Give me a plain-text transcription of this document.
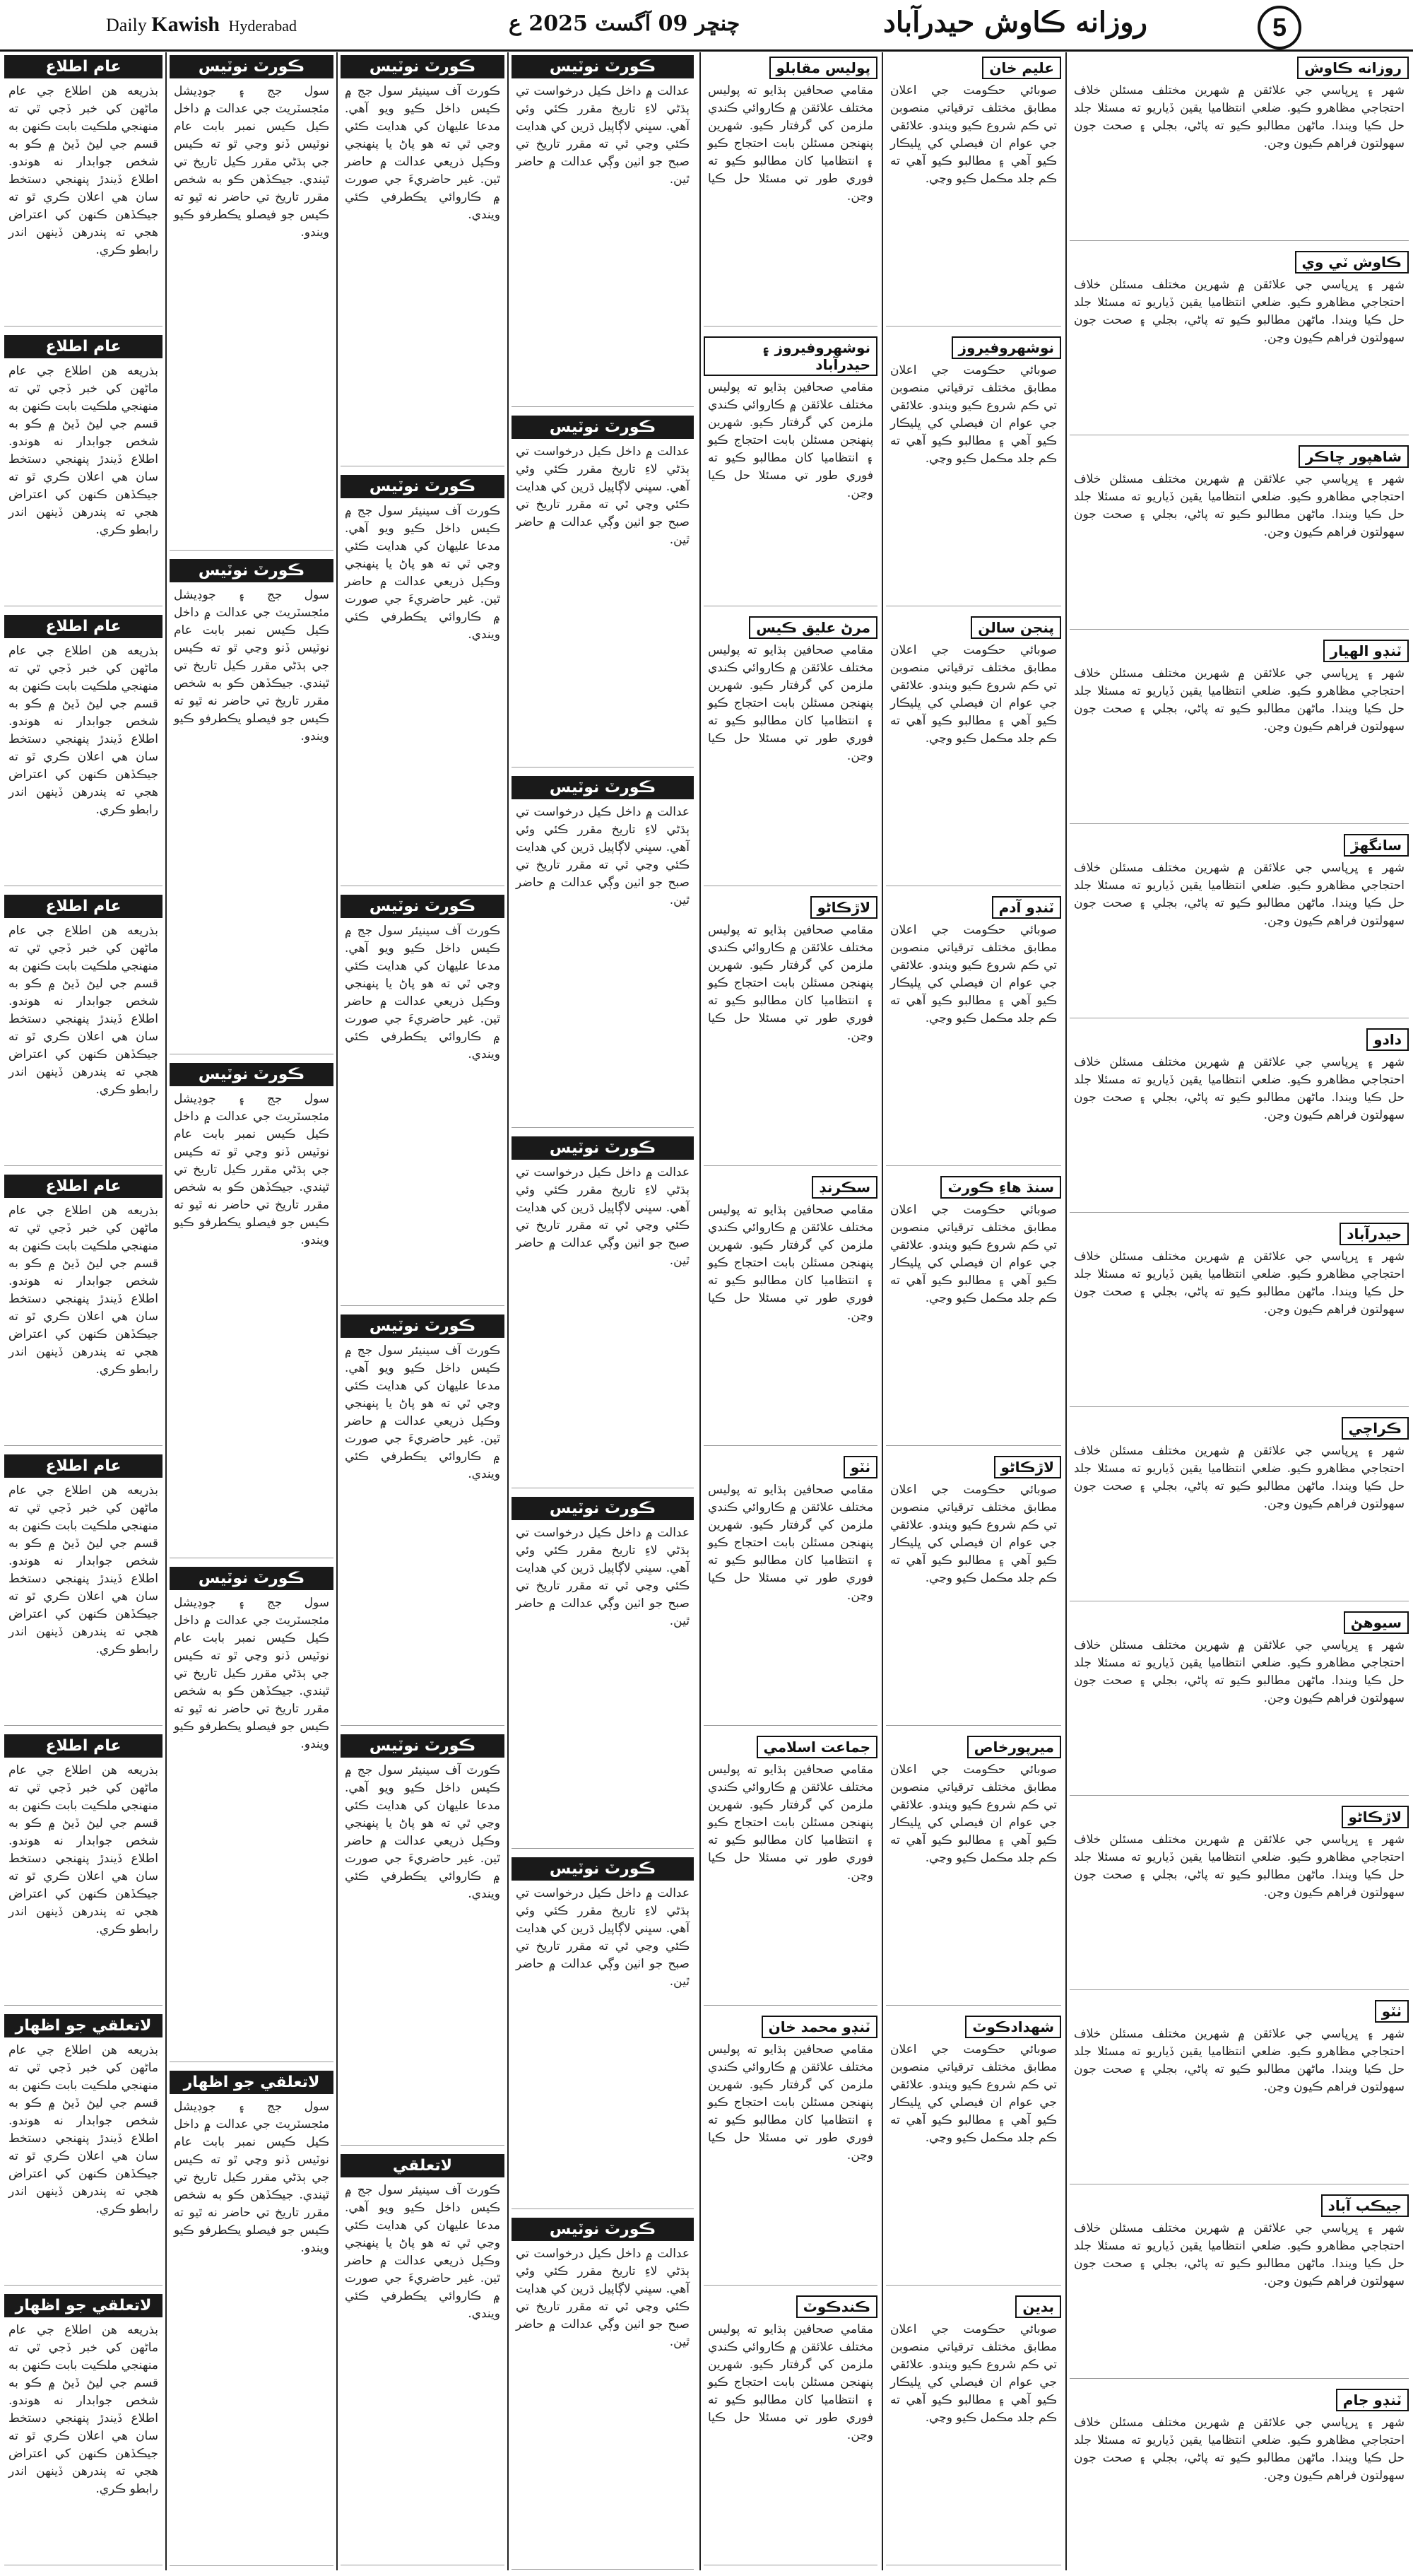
Daily Kawish Hyderabad	چنڇر 09 آگسٽ 2025 ع	روزانه ڪاوش حيدرآباد	5
عام اطلاع
بذريعه هن اطلاع جي عام ماڻهن کي خبر ڏجي ٿي ته منهنجي ملڪيت بابت ڪنهن به قسم جي ليڻ ڏيڻ ۾ ڪو به شخص جوابدار نه هوندو. اطلاع ڏيندڙ پنهنجي دستخط سان هي اعلان ڪري ٿو ته جيڪڏهن ڪنهن کي اعتراض هجي ته پندرهن ڏينهن اندر رابطو ڪري.
عام اطلاع
بذريعه هن اطلاع جي عام ماڻهن کي خبر ڏجي ٿي ته منهنجي ملڪيت بابت ڪنهن به قسم جي ليڻ ڏيڻ ۾ ڪو به شخص جوابدار نه هوندو. اطلاع ڏيندڙ پنهنجي دستخط سان هي اعلان ڪري ٿو ته جيڪڏهن ڪنهن کي اعتراض هجي ته پندرهن ڏينهن اندر رابطو ڪري.
عام اطلاع
بذريعه هن اطلاع جي عام ماڻهن کي خبر ڏجي ٿي ته منهنجي ملڪيت بابت ڪنهن به قسم جي ليڻ ڏيڻ ۾ ڪو به شخص جوابدار نه هوندو. اطلاع ڏيندڙ پنهنجي دستخط سان هي اعلان ڪري ٿو ته جيڪڏهن ڪنهن کي اعتراض هجي ته پندرهن ڏينهن اندر رابطو ڪري.
عام اطلاع
بذريعه هن اطلاع جي عام ماڻهن کي خبر ڏجي ٿي ته منهنجي ملڪيت بابت ڪنهن به قسم جي ليڻ ڏيڻ ۾ ڪو به شخص جوابدار نه هوندو. اطلاع ڏيندڙ پنهنجي دستخط سان هي اعلان ڪري ٿو ته جيڪڏهن ڪنهن کي اعتراض هجي ته پندرهن ڏينهن اندر رابطو ڪري.
عام اطلاع
بذريعه هن اطلاع جي عام ماڻهن کي خبر ڏجي ٿي ته منهنجي ملڪيت بابت ڪنهن به قسم جي ليڻ ڏيڻ ۾ ڪو به شخص جوابدار نه هوندو. اطلاع ڏيندڙ پنهنجي دستخط سان هي اعلان ڪري ٿو ته جيڪڏهن ڪنهن کي اعتراض هجي ته پندرهن ڏينهن اندر رابطو ڪري.
عام اطلاع
بذريعه هن اطلاع جي عام ماڻهن کي خبر ڏجي ٿي ته منهنجي ملڪيت بابت ڪنهن به قسم جي ليڻ ڏيڻ ۾ ڪو به شخص جوابدار نه هوندو. اطلاع ڏيندڙ پنهنجي دستخط سان هي اعلان ڪري ٿو ته جيڪڏهن ڪنهن کي اعتراض هجي ته پندرهن ڏينهن اندر رابطو ڪري.
عام اطلاع
بذريعه هن اطلاع جي عام ماڻهن کي خبر ڏجي ٿي ته منهنجي ملڪيت بابت ڪنهن به قسم جي ليڻ ڏيڻ ۾ ڪو به شخص جوابدار نه هوندو. اطلاع ڏيندڙ پنهنجي دستخط سان هي اعلان ڪري ٿو ته جيڪڏهن ڪنهن کي اعتراض هجي ته پندرهن ڏينهن اندر رابطو ڪري.
لاتعلقي جو اظهار
بذريعه هن اطلاع جي عام ماڻهن کي خبر ڏجي ٿي ته منهنجي ملڪيت بابت ڪنهن به قسم جي ليڻ ڏيڻ ۾ ڪو به شخص جوابدار نه هوندو. اطلاع ڏيندڙ پنهنجي دستخط سان هي اعلان ڪري ٿو ته جيڪڏهن ڪنهن کي اعتراض هجي ته پندرهن ڏينهن اندر رابطو ڪري.
لاتعلقي جو اظهار
بذريعه هن اطلاع جي عام ماڻهن کي خبر ڏجي ٿي ته منهنجي ملڪيت بابت ڪنهن به قسم جي ليڻ ڏيڻ ۾ ڪو به شخص جوابدار نه هوندو. اطلاع ڏيندڙ پنهنجي دستخط سان هي اعلان ڪري ٿو ته جيڪڏهن ڪنهن کي اعتراض هجي ته پندرهن ڏينهن اندر رابطو ڪري.
ڪورٽ نوٽيس
سول جج ۽ جوڊيشل مئجسٽريٽ جي عدالت ۾ داخل ڪيل ڪيس نمبر بابت عام نوٽيس ڏنو وڃي ٿو ته ڪيس جي ٻڌڻي مقرر ڪيل تاريخ تي ٿيندي. جيڪڏهن ڪو به شخص مقرر تاريخ تي حاضر نه ٿيو ته ڪيس جو فيصلو يڪطرفو ڪيو ويندو.
ڪورٽ نوٽيس
سول جج ۽ جوڊيشل مئجسٽريٽ جي عدالت ۾ داخل ڪيل ڪيس نمبر بابت عام نوٽيس ڏنو وڃي ٿو ته ڪيس جي ٻڌڻي مقرر ڪيل تاريخ تي ٿيندي. جيڪڏهن ڪو به شخص مقرر تاريخ تي حاضر نه ٿيو ته ڪيس جو فيصلو يڪطرفو ڪيو ويندو.
ڪورٽ نوٽيس
سول جج ۽ جوڊيشل مئجسٽريٽ جي عدالت ۾ داخل ڪيل ڪيس نمبر بابت عام نوٽيس ڏنو وڃي ٿو ته ڪيس جي ٻڌڻي مقرر ڪيل تاريخ تي ٿيندي. جيڪڏهن ڪو به شخص مقرر تاريخ تي حاضر نه ٿيو ته ڪيس جو فيصلو يڪطرفو ڪيو ويندو.
ڪورٽ نوٽيس
سول جج ۽ جوڊيشل مئجسٽريٽ جي عدالت ۾ داخل ڪيل ڪيس نمبر بابت عام نوٽيس ڏنو وڃي ٿو ته ڪيس جي ٻڌڻي مقرر ڪيل تاريخ تي ٿيندي. جيڪڏهن ڪو به شخص مقرر تاريخ تي حاضر نه ٿيو ته ڪيس جو فيصلو يڪطرفو ڪيو ويندو.
لاتعلقي جو اظهار
سول جج ۽ جوڊيشل مئجسٽريٽ جي عدالت ۾ داخل ڪيل ڪيس نمبر بابت عام نوٽيس ڏنو وڃي ٿو ته ڪيس جي ٻڌڻي مقرر ڪيل تاريخ تي ٿيندي. جيڪڏهن ڪو به شخص مقرر تاريخ تي حاضر نه ٿيو ته ڪيس جو فيصلو يڪطرفو ڪيو ويندو.
ڪورٽ نوٽيس
ڪورٽ آف سينيئر سول جج ۾ ڪيس داخل ڪيو ويو آهي. مدعا عليهان کي هدايت ڪئي وڃي ٿي ته هو پاڻ يا پنهنجي وڪيل ذريعي عدالت ۾ حاضر ٿين. غير حاضريءَ جي صورت ۾ ڪاروائي يڪطرفي ڪئي ويندي.
ڪورٽ نوٽيس
ڪورٽ آف سينيئر سول جج ۾ ڪيس داخل ڪيو ويو آهي. مدعا عليهان کي هدايت ڪئي وڃي ٿي ته هو پاڻ يا پنهنجي وڪيل ذريعي عدالت ۾ حاضر ٿين. غير حاضريءَ جي صورت ۾ ڪاروائي يڪطرفي ڪئي ويندي.
ڪورٽ نوٽيس
ڪورٽ آف سينيئر سول جج ۾ ڪيس داخل ڪيو ويو آهي. مدعا عليهان کي هدايت ڪئي وڃي ٿي ته هو پاڻ يا پنهنجي وڪيل ذريعي عدالت ۾ حاضر ٿين. غير حاضريءَ جي صورت ۾ ڪاروائي يڪطرفي ڪئي ويندي.
ڪورٽ نوٽيس
ڪورٽ آف سينيئر سول جج ۾ ڪيس داخل ڪيو ويو آهي. مدعا عليهان کي هدايت ڪئي وڃي ٿي ته هو پاڻ يا پنهنجي وڪيل ذريعي عدالت ۾ حاضر ٿين. غير حاضريءَ جي صورت ۾ ڪاروائي يڪطرفي ڪئي ويندي.
ڪورٽ نوٽيس
ڪورٽ آف سينيئر سول جج ۾ ڪيس داخل ڪيو ويو آهي. مدعا عليهان کي هدايت ڪئي وڃي ٿي ته هو پاڻ يا پنهنجي وڪيل ذريعي عدالت ۾ حاضر ٿين. غير حاضريءَ جي صورت ۾ ڪاروائي يڪطرفي ڪئي ويندي.
لاتعلقي
ڪورٽ آف سينيئر سول جج ۾ ڪيس داخل ڪيو ويو آهي. مدعا عليهان کي هدايت ڪئي وڃي ٿي ته هو پاڻ يا پنهنجي وڪيل ذريعي عدالت ۾ حاضر ٿين. غير حاضريءَ جي صورت ۾ ڪاروائي يڪطرفي ڪئي ويندي.
ڪورٽ نوٽيس
عدالت ۾ داخل ڪيل درخواست تي ٻڌڻي لاءِ تاريخ مقرر ڪئي وئي آهي. سڀني لاڳاپيل ڌرين کي هدايت ڪئي وڃي ٿي ته مقرر تاريخ تي صبح جو اٺين وڳي عدالت ۾ حاضر ٿين.
ڪورٽ نوٽيس
عدالت ۾ داخل ڪيل درخواست تي ٻڌڻي لاءِ تاريخ مقرر ڪئي وئي آهي. سڀني لاڳاپيل ڌرين کي هدايت ڪئي وڃي ٿي ته مقرر تاريخ تي صبح جو اٺين وڳي عدالت ۾ حاضر ٿين.
ڪورٽ نوٽيس
عدالت ۾ داخل ڪيل درخواست تي ٻڌڻي لاءِ تاريخ مقرر ڪئي وئي آهي. سڀني لاڳاپيل ڌرين کي هدايت ڪئي وڃي ٿي ته مقرر تاريخ تي صبح جو اٺين وڳي عدالت ۾ حاضر ٿين.
ڪورٽ نوٽيس
عدالت ۾ داخل ڪيل درخواست تي ٻڌڻي لاءِ تاريخ مقرر ڪئي وئي آهي. سڀني لاڳاپيل ڌرين کي هدايت ڪئي وڃي ٿي ته مقرر تاريخ تي صبح جو اٺين وڳي عدالت ۾ حاضر ٿين.
ڪورٽ نوٽيس
عدالت ۾ داخل ڪيل درخواست تي ٻڌڻي لاءِ تاريخ مقرر ڪئي وئي آهي. سڀني لاڳاپيل ڌرين کي هدايت ڪئي وڃي ٿي ته مقرر تاريخ تي صبح جو اٺين وڳي عدالت ۾ حاضر ٿين.
ڪورٽ نوٽيس
عدالت ۾ داخل ڪيل درخواست تي ٻڌڻي لاءِ تاريخ مقرر ڪئي وئي آهي. سڀني لاڳاپيل ڌرين کي هدايت ڪئي وڃي ٿي ته مقرر تاريخ تي صبح جو اٺين وڳي عدالت ۾ حاضر ٿين.
ڪورٽ نوٽيس
عدالت ۾ داخل ڪيل درخواست تي ٻڌڻي لاءِ تاريخ مقرر ڪئي وئي آهي. سڀني لاڳاپيل ڌرين کي هدايت ڪئي وڃي ٿي ته مقرر تاريخ تي صبح جو اٺين وڳي عدالت ۾ حاضر ٿين.
پوليس مقابلو
مقامي صحافين ٻڌايو ته پوليس مختلف علائقن ۾ ڪاروائي ڪندي ملزمن کي گرفتار ڪيو. شهرين پنهنجن مسئلن بابت احتجاج ڪيو ۽ انتظاميا کان مطالبو ڪيو ته فوري طور تي مسئلا حل ڪيا وڃن.
نوشهروفيروز ۽ حيدرآباد
مقامي صحافين ٻڌايو ته پوليس مختلف علائقن ۾ ڪاروائي ڪندي ملزمن کي گرفتار ڪيو. شهرين پنهنجن مسئلن بابت احتجاج ڪيو ۽ انتظاميا کان مطالبو ڪيو ته فوري طور تي مسئلا حل ڪيا وڃن.
مرڻ عليق ڪيس
مقامي صحافين ٻڌايو ته پوليس مختلف علائقن ۾ ڪاروائي ڪندي ملزمن کي گرفتار ڪيو. شهرين پنهنجن مسئلن بابت احتجاج ڪيو ۽ انتظاميا کان مطالبو ڪيو ته فوري طور تي مسئلا حل ڪيا وڃن.
لاڙڪاڻو
مقامي صحافين ٻڌايو ته پوليس مختلف علائقن ۾ ڪاروائي ڪندي ملزمن کي گرفتار ڪيو. شهرين پنهنجن مسئلن بابت احتجاج ڪيو ۽ انتظاميا کان مطالبو ڪيو ته فوري طور تي مسئلا حل ڪيا وڃن.
سڪرنڊ
مقامي صحافين ٻڌايو ته پوليس مختلف علائقن ۾ ڪاروائي ڪندي ملزمن کي گرفتار ڪيو. شهرين پنهنجن مسئلن بابت احتجاج ڪيو ۽ انتظاميا کان مطالبو ڪيو ته فوري طور تي مسئلا حل ڪيا وڃن.
ٺٽو
مقامي صحافين ٻڌايو ته پوليس مختلف علائقن ۾ ڪاروائي ڪندي ملزمن کي گرفتار ڪيو. شهرين پنهنجن مسئلن بابت احتجاج ڪيو ۽ انتظاميا کان مطالبو ڪيو ته فوري طور تي مسئلا حل ڪيا وڃن.
جماعت اسلامي
مقامي صحافين ٻڌايو ته پوليس مختلف علائقن ۾ ڪاروائي ڪندي ملزمن کي گرفتار ڪيو. شهرين پنهنجن مسئلن بابت احتجاج ڪيو ۽ انتظاميا کان مطالبو ڪيو ته فوري طور تي مسئلا حل ڪيا وڃن.
ٽنڊو محمد خان
مقامي صحافين ٻڌايو ته پوليس مختلف علائقن ۾ ڪاروائي ڪندي ملزمن کي گرفتار ڪيو. شهرين پنهنجن مسئلن بابت احتجاج ڪيو ۽ انتظاميا کان مطالبو ڪيو ته فوري طور تي مسئلا حل ڪيا وڃن.
ڪندڪوٽ
مقامي صحافين ٻڌايو ته پوليس مختلف علائقن ۾ ڪاروائي ڪندي ملزمن کي گرفتار ڪيو. شهرين پنهنجن مسئلن بابت احتجاج ڪيو ۽ انتظاميا کان مطالبو ڪيو ته فوري طور تي مسئلا حل ڪيا وڃن.
عليم خان
صوبائي حڪومت جي اعلان مطابق مختلف ترقياتي منصوبن تي ڪم شروع ڪيو ويندو. علائقي جي عوام ان فيصلي کي ڀليڪار ڪيو آهي ۽ مطالبو ڪيو آهي ته ڪم جلد مڪمل ڪيو وڃي.
نوشهروفيروز
صوبائي حڪومت جي اعلان مطابق مختلف ترقياتي منصوبن تي ڪم شروع ڪيو ويندو. علائقي جي عوام ان فيصلي کي ڀليڪار ڪيو آهي ۽ مطالبو ڪيو آهي ته ڪم جلد مڪمل ڪيو وڃي.
پنجن سالن
صوبائي حڪومت جي اعلان مطابق مختلف ترقياتي منصوبن تي ڪم شروع ڪيو ويندو. علائقي جي عوام ان فيصلي کي ڀليڪار ڪيو آهي ۽ مطالبو ڪيو آهي ته ڪم جلد مڪمل ڪيو وڃي.
ٽنڊو آدم
صوبائي حڪومت جي اعلان مطابق مختلف ترقياتي منصوبن تي ڪم شروع ڪيو ويندو. علائقي جي عوام ان فيصلي کي ڀليڪار ڪيو آهي ۽ مطالبو ڪيو آهي ته ڪم جلد مڪمل ڪيو وڃي.
سنڌ هاءِ ڪورٽ
صوبائي حڪومت جي اعلان مطابق مختلف ترقياتي منصوبن تي ڪم شروع ڪيو ويندو. علائقي جي عوام ان فيصلي کي ڀليڪار ڪيو آهي ۽ مطالبو ڪيو آهي ته ڪم جلد مڪمل ڪيو وڃي.
لاڙڪاڻو
صوبائي حڪومت جي اعلان مطابق مختلف ترقياتي منصوبن تي ڪم شروع ڪيو ويندو. علائقي جي عوام ان فيصلي کي ڀليڪار ڪيو آهي ۽ مطالبو ڪيو آهي ته ڪم جلد مڪمل ڪيو وڃي.
ميرپورخاص
صوبائي حڪومت جي اعلان مطابق مختلف ترقياتي منصوبن تي ڪم شروع ڪيو ويندو. علائقي جي عوام ان فيصلي کي ڀليڪار ڪيو آهي ۽ مطالبو ڪيو آهي ته ڪم جلد مڪمل ڪيو وڃي.
شهدادڪوٽ
صوبائي حڪومت جي اعلان مطابق مختلف ترقياتي منصوبن تي ڪم شروع ڪيو ويندو. علائقي جي عوام ان فيصلي کي ڀليڪار ڪيو آهي ۽ مطالبو ڪيو آهي ته ڪم جلد مڪمل ڪيو وڃي.
بدين
صوبائي حڪومت جي اعلان مطابق مختلف ترقياتي منصوبن تي ڪم شروع ڪيو ويندو. علائقي جي عوام ان فيصلي کي ڀليڪار ڪيو آهي ۽ مطالبو ڪيو آهي ته ڪم جلد مڪمل ڪيو وڃي.
روزانه ڪاوش
شهر ۽ ڀرپاسي جي علائقن ۾ شهرين مختلف مسئلن خلاف احتجاجي مظاهرو ڪيو. ضلعي انتظاميا يقين ڏياريو ته مسئلا جلد حل ڪيا ويندا. ماڻهن مطالبو ڪيو ته پاڻي، بجلي ۽ صحت جون سهولتون فراهم ڪيون وڃن.
ڪاوش ٽي وي
شهر ۽ ڀرپاسي جي علائقن ۾ شهرين مختلف مسئلن خلاف احتجاجي مظاهرو ڪيو. ضلعي انتظاميا يقين ڏياريو ته مسئلا جلد حل ڪيا ويندا. ماڻهن مطالبو ڪيو ته پاڻي، بجلي ۽ صحت جون سهولتون فراهم ڪيون وڃن.
شاهپور چاڪر
شهر ۽ ڀرپاسي جي علائقن ۾ شهرين مختلف مسئلن خلاف احتجاجي مظاهرو ڪيو. ضلعي انتظاميا يقين ڏياريو ته مسئلا جلد حل ڪيا ويندا. ماڻهن مطالبو ڪيو ته پاڻي، بجلي ۽ صحت جون سهولتون فراهم ڪيون وڃن.
ٽنڊو الهيار
شهر ۽ ڀرپاسي جي علائقن ۾ شهرين مختلف مسئلن خلاف احتجاجي مظاهرو ڪيو. ضلعي انتظاميا يقين ڏياريو ته مسئلا جلد حل ڪيا ويندا. ماڻهن مطالبو ڪيو ته پاڻي، بجلي ۽ صحت جون سهولتون فراهم ڪيون وڃن.
سانگهڙ
شهر ۽ ڀرپاسي جي علائقن ۾ شهرين مختلف مسئلن خلاف احتجاجي مظاهرو ڪيو. ضلعي انتظاميا يقين ڏياريو ته مسئلا جلد حل ڪيا ويندا. ماڻهن مطالبو ڪيو ته پاڻي، بجلي ۽ صحت جون سهولتون فراهم ڪيون وڃن.
دادو
شهر ۽ ڀرپاسي جي علائقن ۾ شهرين مختلف مسئلن خلاف احتجاجي مظاهرو ڪيو. ضلعي انتظاميا يقين ڏياريو ته مسئلا جلد حل ڪيا ويندا. ماڻهن مطالبو ڪيو ته پاڻي، بجلي ۽ صحت جون سهولتون فراهم ڪيون وڃن.
حيدرآباد
شهر ۽ ڀرپاسي جي علائقن ۾ شهرين مختلف مسئلن خلاف احتجاجي مظاهرو ڪيو. ضلعي انتظاميا يقين ڏياريو ته مسئلا جلد حل ڪيا ويندا. ماڻهن مطالبو ڪيو ته پاڻي، بجلي ۽ صحت جون سهولتون فراهم ڪيون وڃن.
ڪراچي
شهر ۽ ڀرپاسي جي علائقن ۾ شهرين مختلف مسئلن خلاف احتجاجي مظاهرو ڪيو. ضلعي انتظاميا يقين ڏياريو ته مسئلا جلد حل ڪيا ويندا. ماڻهن مطالبو ڪيو ته پاڻي، بجلي ۽ صحت جون سهولتون فراهم ڪيون وڃن.
سيوهڻ
شهر ۽ ڀرپاسي جي علائقن ۾ شهرين مختلف مسئلن خلاف احتجاجي مظاهرو ڪيو. ضلعي انتظاميا يقين ڏياريو ته مسئلا جلد حل ڪيا ويندا. ماڻهن مطالبو ڪيو ته پاڻي، بجلي ۽ صحت جون سهولتون فراهم ڪيون وڃن.
لاڙڪاڻو
شهر ۽ ڀرپاسي جي علائقن ۾ شهرين مختلف مسئلن خلاف احتجاجي مظاهرو ڪيو. ضلعي انتظاميا يقين ڏياريو ته مسئلا جلد حل ڪيا ويندا. ماڻهن مطالبو ڪيو ته پاڻي، بجلي ۽ صحت جون سهولتون فراهم ڪيون وڃن.
ٺٽو
شهر ۽ ڀرپاسي جي علائقن ۾ شهرين مختلف مسئلن خلاف احتجاجي مظاهرو ڪيو. ضلعي انتظاميا يقين ڏياريو ته مسئلا جلد حل ڪيا ويندا. ماڻهن مطالبو ڪيو ته پاڻي، بجلي ۽ صحت جون سهولتون فراهم ڪيون وڃن.
جيڪب آباد
شهر ۽ ڀرپاسي جي علائقن ۾ شهرين مختلف مسئلن خلاف احتجاجي مظاهرو ڪيو. ضلعي انتظاميا يقين ڏياريو ته مسئلا جلد حل ڪيا ويندا. ماڻهن مطالبو ڪيو ته پاڻي، بجلي ۽ صحت جون سهولتون فراهم ڪيون وڃن.
ٽنڊو جام
شهر ۽ ڀرپاسي جي علائقن ۾ شهرين مختلف مسئلن خلاف احتجاجي مظاهرو ڪيو. ضلعي انتظاميا يقين ڏياريو ته مسئلا جلد حل ڪيا ويندا. ماڻهن مطالبو ڪيو ته پاڻي، بجلي ۽ صحت جون سهولتون فراهم ڪيون وڃن.
